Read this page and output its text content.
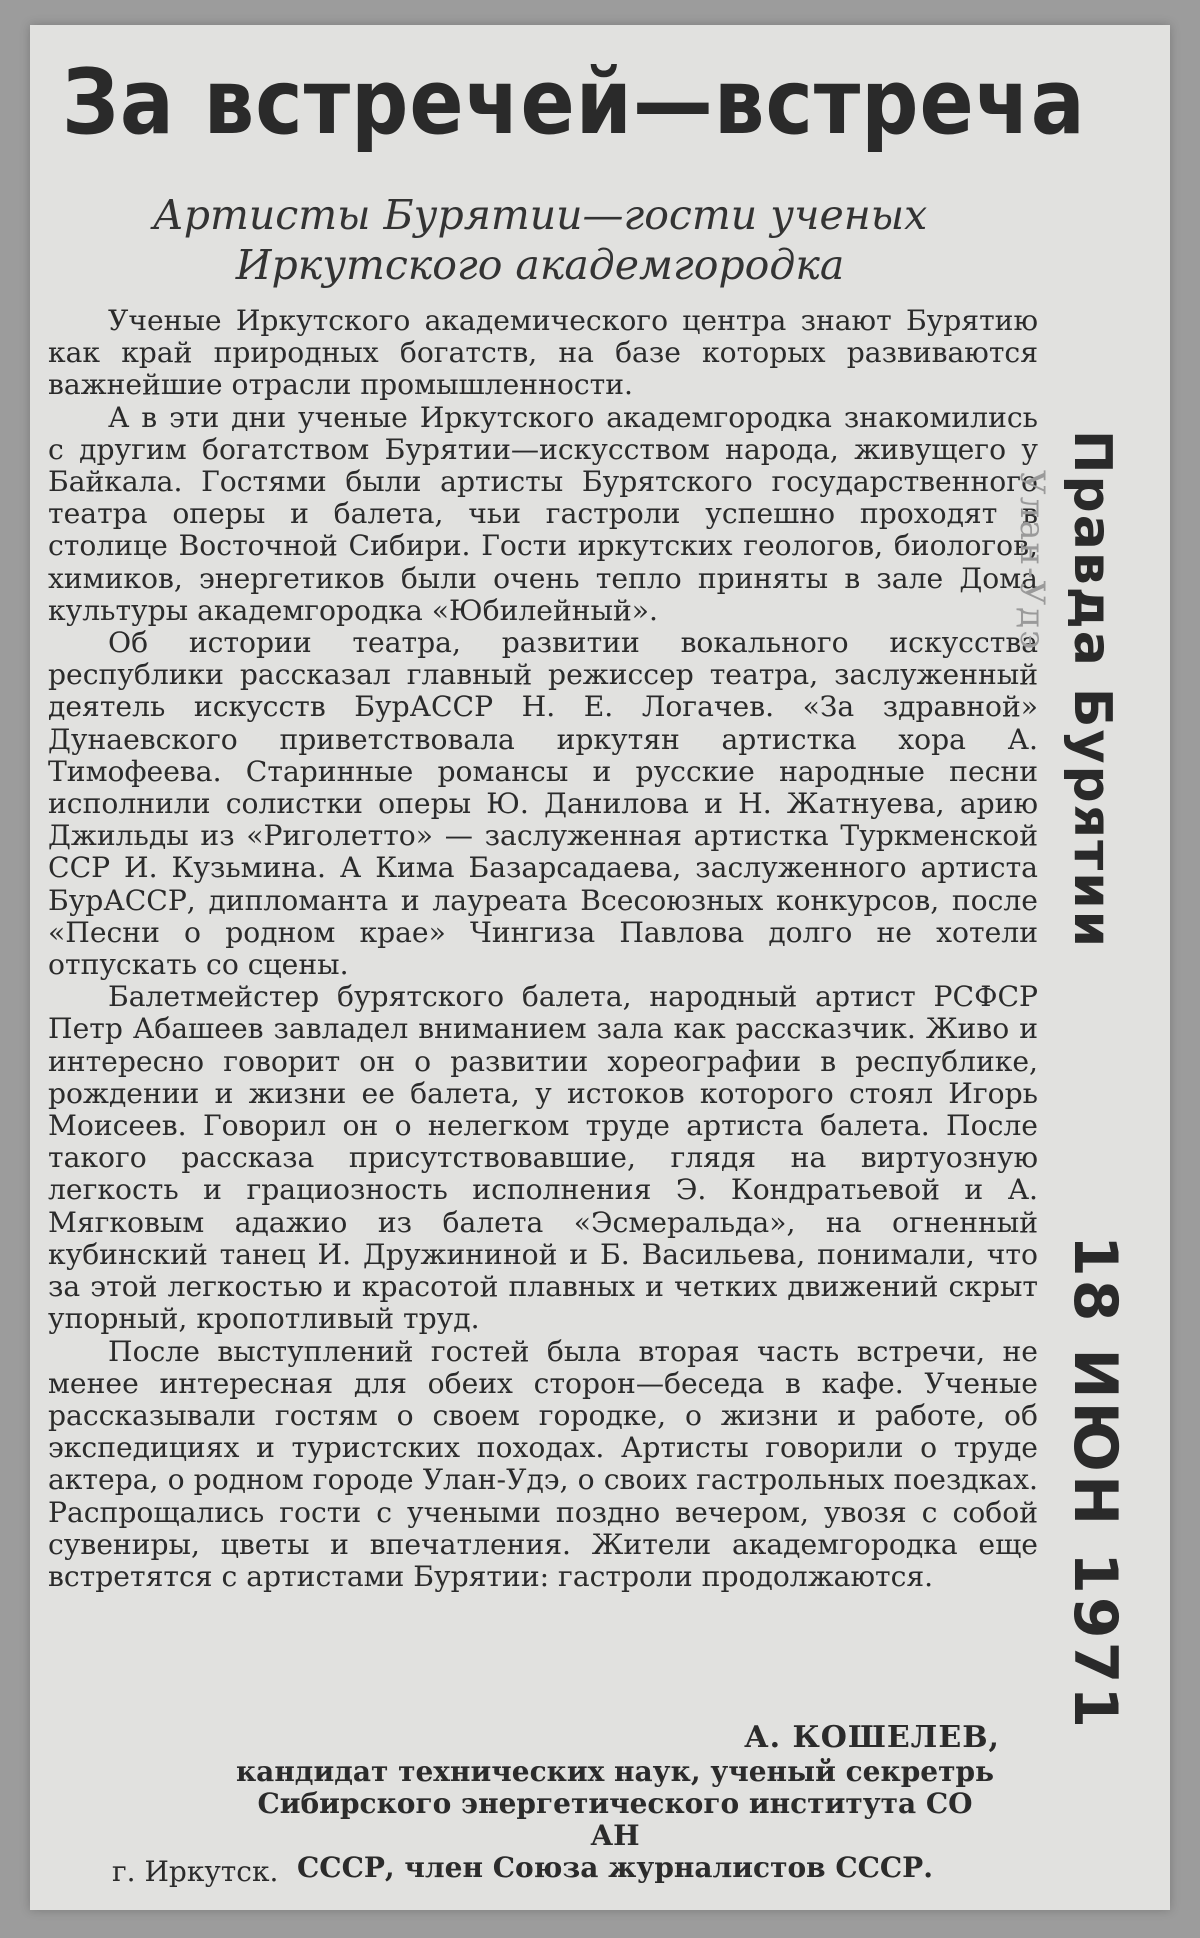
За встречей—встреча
Артисты Бурятии—гости ученых
Иркутского академгородка

Ученые Иркутского академического центра знают Бурятию как край природных богатств, на базе которых развиваются важнейшие отрасли промышленности.

А в эти дни ученые Иркутского академгородка знакомились с другим богатством Бурятии—искусством народа, живущего у Байкала. Гостями были артисты Бурятского государственного театра оперы и балета, чьи гастроли успешно проходят в столице Восточной Сибири. Гости иркутских геологов, биологов, химиков, энергетиков были очень тепло приняты в зале Дома культуры академгородка «Юбилейный».

Об истории театра, развитии вокального искусства республики рассказал главный режиссер театра, заслуженный деятель искусств БурАССР Н. Е. Логачев. «За здравной» Дунаевского приветствовала иркутян артистка хора А. Тимофеева. Старинные романсы и русские народные песни исполнили солистки оперы Ю. Данилова и Н. Жатнуева, арию Джильды из «Риголетто» — заслуженная артистка Туркменской ССР И. Кузьмина. А Кима Базарсадаева, заслуженного артиста БурАССР, дипломанта и лауреата Всесоюзных конкурсов, после «Песни о родном крае» Чингиза Павлова долго не хотели отпускать со сцены.

Балетмейстер бурятского балета, народный артист РСФСР Петр Абашеев завладел вниманием зала как рассказчик. Живо и интересно говорит он о развитии хореографии в республике, рождении и жизни ее балета, у истоков которого стоял Игорь Моисеев. Говорил он о нелегком труде артиста балета. После такого рассказа присутствовавшие, глядя на виртуозную легкость и грациозность исполнения Э. Кондратьевой и А. Мягковым адажио из балета «Эсмеральда», на огненный кубинский танец И. Дружининой и Б. Васильева, понимали, что за этой легкостью и красотой плавных и четких движений скрыт упорный, кропотливый труд.

После выступлений гостей была вторая часть встречи, не менее интересная для обеих сторон—беседа в кафе. Ученые рассказывали гостям о своем городке, о жизни и работе, об экспедициях и туристских походах. Артисты говорили о труде актера, о родном городе Улан-Удэ, о своих гастрольных поездках. Распрощались гости с учеными поздно вечером, увозя с собой сувениры, цветы и впечатления. Жители академгородка еще встретятся с артистами Бурятии: гастроли продолжаются.

А. КОШЕЛЕВ,
кандидат технических наук, ученый секретрь
Сибирского энергетического института СО АН
СССР, член Союза журналистов СССР.
г. Иркутск.
Правда Бурятии
Улан-Удэ
18 ИЮН 1971
